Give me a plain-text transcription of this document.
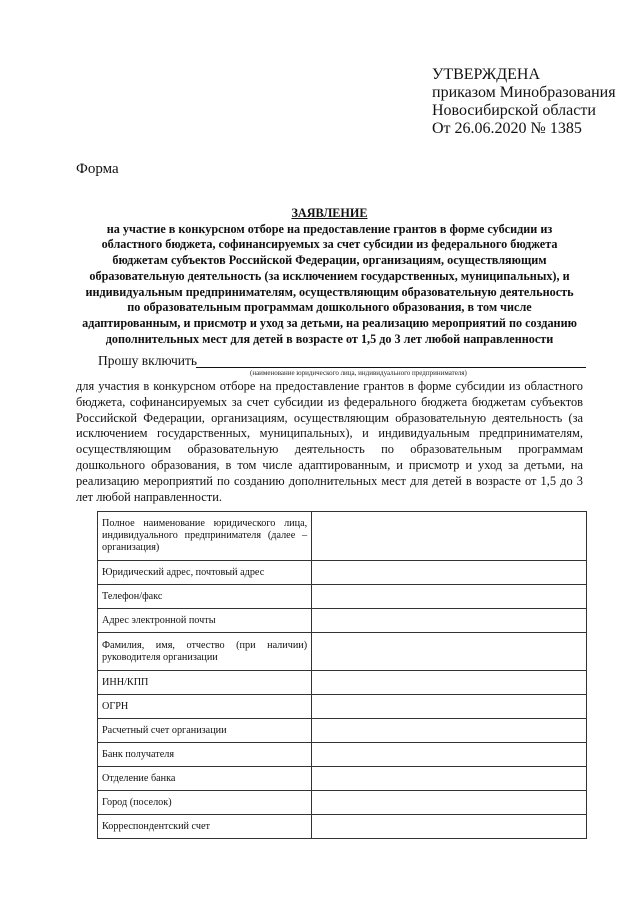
УТВЕРЖДЕНА
приказом Минобразования
Новосибирской области
От 26.06.2020 № 1385
Форма
ЗАЯВЛЕНИЕ
на участие в конкурсном отборе на предоставление грантов в форме субсидии из
областного бюджета, софинансируемых за счет субсидии из федерального бюджета
бюджетам субъектов Российской Федерации, организациям, осуществляющим
образовательную деятельность (за исключением государственных, муниципальных), и
индивидуальным предпринимателям, осуществляющим образовательную деятельность
по образовательным программам дошкольного образования, в том числе
адаптированным, и присмотр и уход за детьми, на реализацию мероприятий по созданию
дополнительных мест для детей в возрасте от 1,5 до 3 лет любой направленности
Прошу включить
(наименование юридического лица, индивидуального предпринимателя)
для участия в конкурсном отборе на предоставление грантов в форме субсидии из областного бюджета, софинансируемых за счет субсидии из федерального бюджета бюджетам субъектов Российской Федерации, организациям, осуществляющим образовательную деятельность (за исключением государственных, муниципальных), и индивидуальным предпринимателям, осуществляющим образовательную деятельность по образовательным программам дошкольного образования, в том числе адаптированным, и присмотр и уход за детьми, на реализацию мероприятий по созданию дополнительных мест для детей в возрасте от 1,5 до 3 лет любой направленности.
Полное наименование юридического лица, индивидуального предпринимателя (далее – организация)	
Юридический адрес, почтовый адрес	
Телефон/факс	
Адрес электронной почты	
Фамилия, имя, отчество (при наличии) руководителя организации	
ИНН/КПП	
ОГРН	
Расчетный счет организации	
Банк получателя	
Отделение банка	
Город (поселок)	
Корреспондентский счет	
